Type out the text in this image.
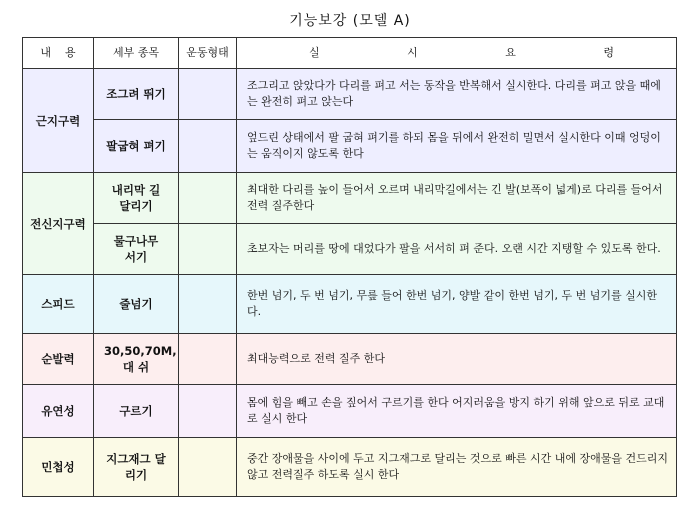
기능보강 (모델 A)
내    용	세부 종목	운동형태	실 시 요 령

근지구력	조그려 뛰기		조그리고 앉았다가 다리를 펴고 서는 동작을 반복해서 실시한다. 다리를 펴고 앉을 때에는 완전히 펴고 앉는다
	팔굽혀 펴기		엎드린 상태에서 팔 굽혀 펴기를 하되 몸을 뒤에서 완전히 밀면서 실시한다 이때 엉덩이는 움직이지 않도록 한다
전신지구력	내리막 길 달리기		최대한 다리를 높이 들어서 오르며 내리막길에서는 긴 발(보폭이 넓게)로 다리를 들어서 전력 질주한다
	물구나무 서기		초보자는 머리를 땅에 대었다가 팔을 서서히 펴 준다. 오랜 시간 지탱할 수 있도록 한다.
스피드	줄넘기		한번 넘기, 두 번 넘기, 무릎 들어 한번 넘기, 양발 같이 한번 넘기, 두 번 넘기를 실시한다.
순발력	30,50,70M, 대 쉬		최대능력으로 전력 질주 한다
유연성	구르기		몸에 힘을 빼고 손을 짚어서 구르기를 한다 어지러움을 방지 하기 위해 앞으로 뒤로 교대로 실시 한다
민첩성	지그재그 달리기		중간 장애물을 사이에 두고 지그재그로 달리는 것으로 빠른 시간 내에 장애물을 건드리지 않고 전력질주 하도록 실시 한다
